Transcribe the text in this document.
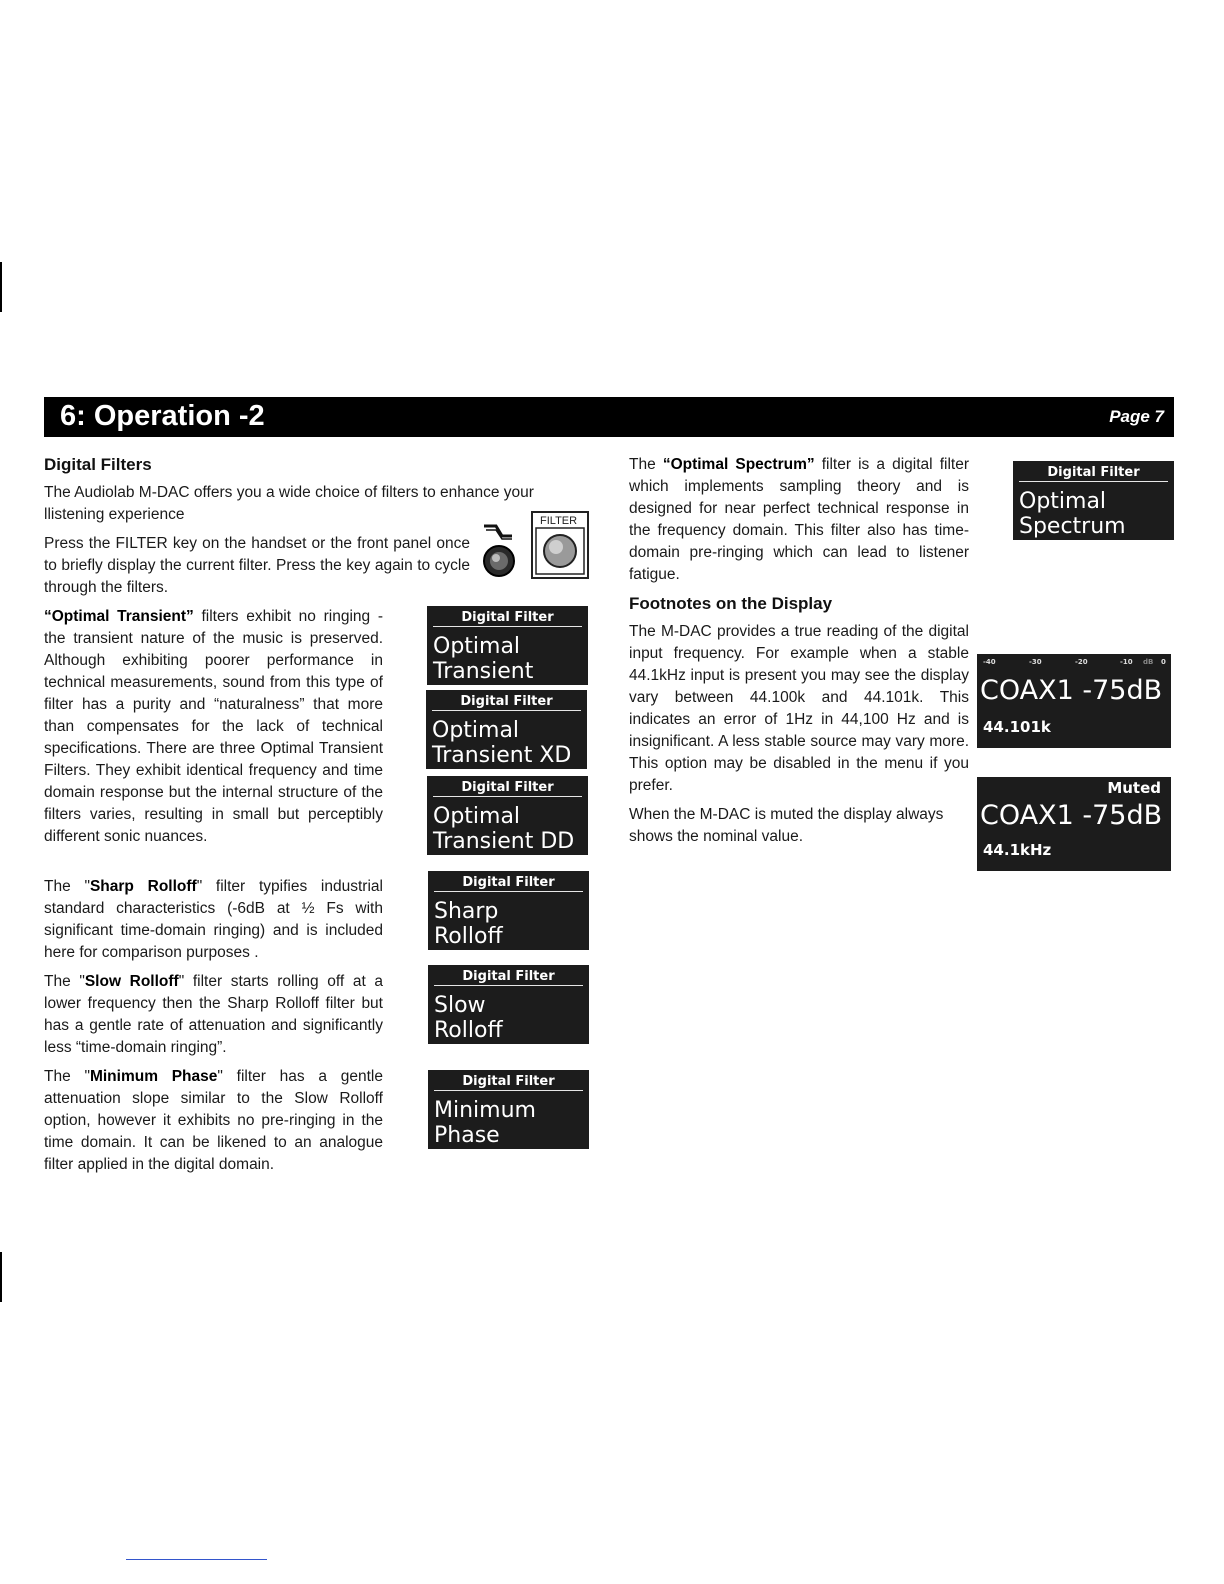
6: Operation -2	Page 7
Digital Filters
The Audiolab M-DAC offers you a wide choice of filters to enhance your llistening experience
Press the FILTER key on the handset or the front panel once to briefly display the current filter. Press the key again to cycle through the filters.
FILTER
“Optimal Transient” filters exhibit no ringing - the transient nature of the music is preserved. Although exhibiting poorer performance in technical measurements, sound from this type of filter has a purity and “naturalness” that more than compensates for the lack of technical specifications. There are three Optimal Transient Filters. They exhibit identical frequency and time domain response but the internal structure of the filters varies, resulting in small but perceptibly different sonic nuances.
The "Sharp Rolloff" filter typifies industrial standard characteristics (-6dB at ½ Fs with significant time-domain ringing) and is included here for comparison purposes .
The "Slow Rolloff" filter starts rolling off at a lower frequency then the Sharp Rolloff filter but has a gentle rate of attenuation and significantly less “time-domain ringing”.
The "Minimum Phase" filter has a gentle attenuation slope similar to the Slow Rolloff option, however it exhibits no pre-ringing in the time domain. It can be likened to an analogue filter applied in the digital domain.
Digital Filter
Optimal
Transient
Digital Filter
Optimal
Transient XD
Digital Filter
Optimal
Transient DD
Digital Filter
Sharp
Rolloff
Digital Filter
Slow
Rolloff
Digital Filter
Minimum
Phase
The “Optimal Spectrum” filter is a digital filter which implements sampling theory and is designed for near perfect technical response in the frequency domain. This filter also has time-domain pre-ringing which can lead to listener fatigue.
Footnotes on the Display
The M-DAC provides a true reading of the digital input frequency. For example when a stable 44.1kHz input is present you may see the display vary between 44.100k and 44.101k. This indicates an error of 1Hz in 44,100 Hz and is insignificant. A less stable source may vary more. This option may be disabled in the menu if you prefer.
When the M-DAC is muted the display always shows the nominal value.
Digital Filter
Optimal
Spectrum
-40	-30	-20	-10 dB 0
COAX1 -75dB
44.101k
Muted
COAX1 -75dB
44.1kHz
